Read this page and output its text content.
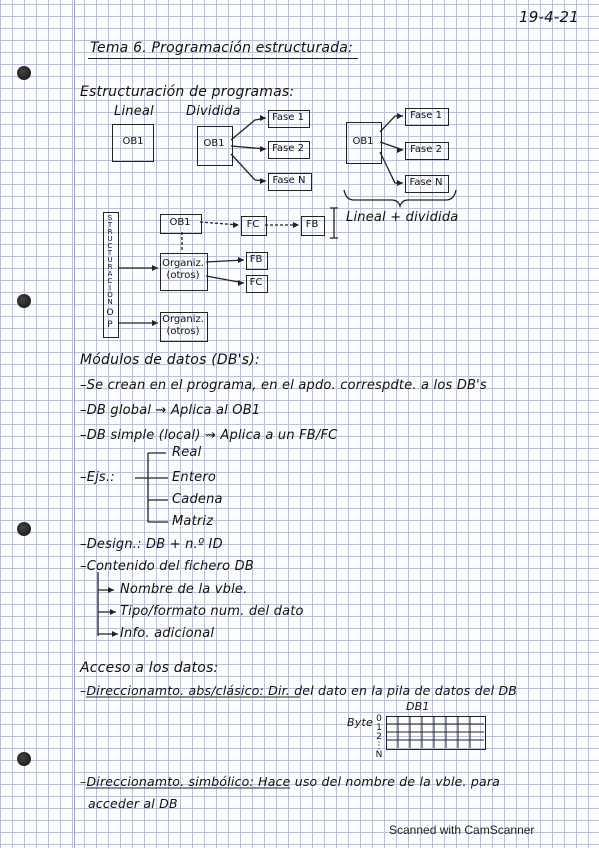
19-4-21
Tema 6. Programación estructurada:
Estructuración de programas:
Lineal Dividida
OB1	OB1
Fase 1
Fase 2
Fase N
OB1
Fase 1
Fase 2
Fase N
S
T
R
U
C
T
U
R
A
C
I
Ó
N
O
P
OB1	FC	FB	Lineal + dividida
Organiz. (otros)
FB
FC
Organiz. (otros)
Módulos de datos (DB's):
–Se crean en el programa, en el apdo. correspdte. a los DB's
–DB global ⇝ Aplica al OB1
–DB simple (local) ⇝ Aplica a un FB/FC
–Ejs.:
Real
Entero
Cadena
Matriz
–Design.: DB + n.º ID
–Contenido del fichero DB
Nombre de la vble.
Tipo/formato num. del dato
Info. adicional
Acceso a los datos:
–Direccionamto. abs/clásico: Dir. del dato en la pila de datos del DB
DB1
Byte 0
1
2
⋮
N
–Direccionamto. simbólico: Hace uso del nombre de la vble. para
acceder al DB
Scanned with CamScanner
